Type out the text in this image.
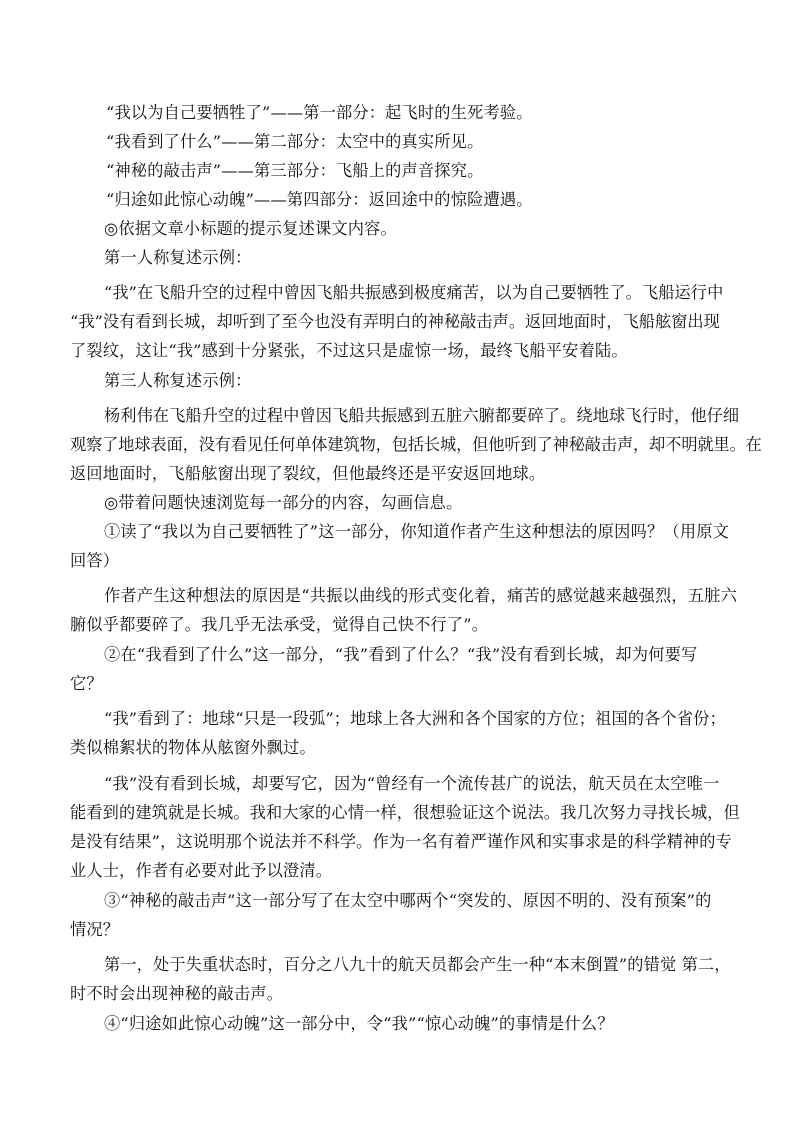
“我以为自己要牺牲了”——第一部分：起飞时的生死考验。
“我看到了什么”——第二部分：太空中的真实所见。
“神秘的敲击声”——第三部分：飞船上的声音探究。
“归途如此惊心动魄”——第四部分：返回途中的惊险遭遇。
◎依据文章小标题的提示复述课文内容。
第一人称复述示例：
“我”在飞船升空的过程中曾因飞船共振感到极度痛苦，以为自己要牺牲了。飞船运行中
“我”没有看到长城，却听到了至今也没有弄明白的神秘敲击声。返回地面时，飞船舷窗出现
了裂纹，这让“我”感到十分紧张，不过这只是虚惊一场，最终飞船平安着陆。
第三人称复述示例：
杨利伟在飞船升空的过程中曾因飞船共振感到五脏六腑都要碎了。绕地球飞行时，他仔细
观察了地球表面，没有看见任何单体建筑物，包括长城，但他听到了神秘敲击声，却不明就里。在
返回地面时，飞船舷窗出现了裂纹，但他最终还是平安返回地球。
◎带着问题快速浏览每一部分的内容，勾画信息。
①读了“我以为自己要牺牲了”这一部分，你知道作者产生这种想法的原因吗？（用原文
回答）
作者产生这种想法的原因是“共振以曲线的形式变化着，痛苦的感觉越来越强烈，五脏六
腑似乎都要碎了。我几乎无法承受，觉得自己快不行了”。
②在“我看到了什么”这一部分，“我”看到了什么？“我”没有看到长城，却为何要写
它？
“我”看到了：地球“只是一段弧”；地球上各大洲和各个国家的方位；祖国的各个省份；
类似棉絮状的物体从舷窗外飘过。
“我”没有看到长城，却要写它，因为“曾经有一个流传甚广的说法，航天员在太空唯一
能看到的建筑就是长城。我和大家的心情一样，很想验证这个说法。我几次努力寻找长城，但
是没有结果”，这说明那个说法并不科学。作为一名有着严谨作风和实事求是的科学精神的专
业人士，作者有必要对此予以澄清。
③“神秘的敲击声”这一部分写了在太空中哪两个“突发的、原因不明的、没有预案”的
情况？
第一，处于失重状态时，百分之八九十的航天员都会产生一种“本末倒置”的错觉 第二，
时不时会出现神秘的敲击声。
④“归途如此惊心动魄”这一部分中，令“我”“惊心动魄”的事情是什么？
